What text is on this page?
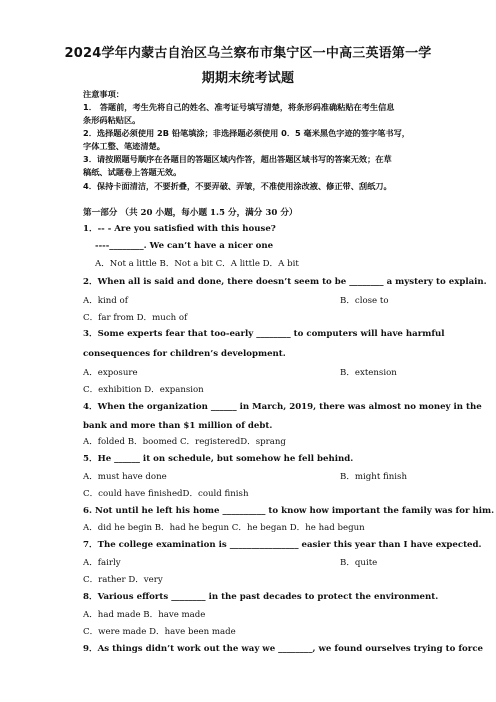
2024学年内蒙古自治区乌兰察布市集宁区一中高三英语第一学
期期末统考试题
注意事项：
1． 答题前，考生先将自己的姓名、准考证号填写清楚，将条形码准确粘贴在考生信息
条形码粘贴区。
2．选择题必须使用 2B 铅笔填涂；非选择题必须使用 0．5 毫米黑色字迹的签字笔书写，
字体工整、笔迹清楚。
3．请按照题号顺序在各题目的答题区域内作答，超出答题区域书写的答案无效；在草
稿纸、试题卷上答题无效。
4．保持卡面清洁，不要折叠，不要弄破、弄皱，不准使用涂改液、修正带、刮纸刀。
第一部分 （共 20 小题，每小题 1.5 分，满分 30 分）
1．-- - Are you satisfied with this house?
----________. We can’t have a nicer one
A．Not a little B．Not a bit C．A little D．A bit
2．When all is said and done, there doesn’t seem to be ________ a mystery to explain.
A．kind of	B．close to
C．far from D．much of
3．Some experts fear that too-early ________ to computers will have harmful
consequences for children’s development.
A．exposure	B．extension
C．exhibition D．expansion
4．When the organization ______ in March, 2019, there was almost no money in the
bank and more than $1 million of debt.
A．folded B．boomed C．registeredD．sprang
5．He ______ it on schedule, but somehow he fell behind.
A．must have done	B．might finish
C．could have finishedD．could finish
6. Not until he left his home __________ to know how important the family was for him.
A．did he begin B．had he begun C．he began D．he had begun
7．The college examination is ________________ easier this year than I have expected.
A．fairly	B．quite
C．rather D．very
8．Various efforts ________ in the past decades to protect the environment.
A．had made B．have made
C．were made D．have been made
9．As things didn’t work out the way we ________, we found ourselves trying to force
